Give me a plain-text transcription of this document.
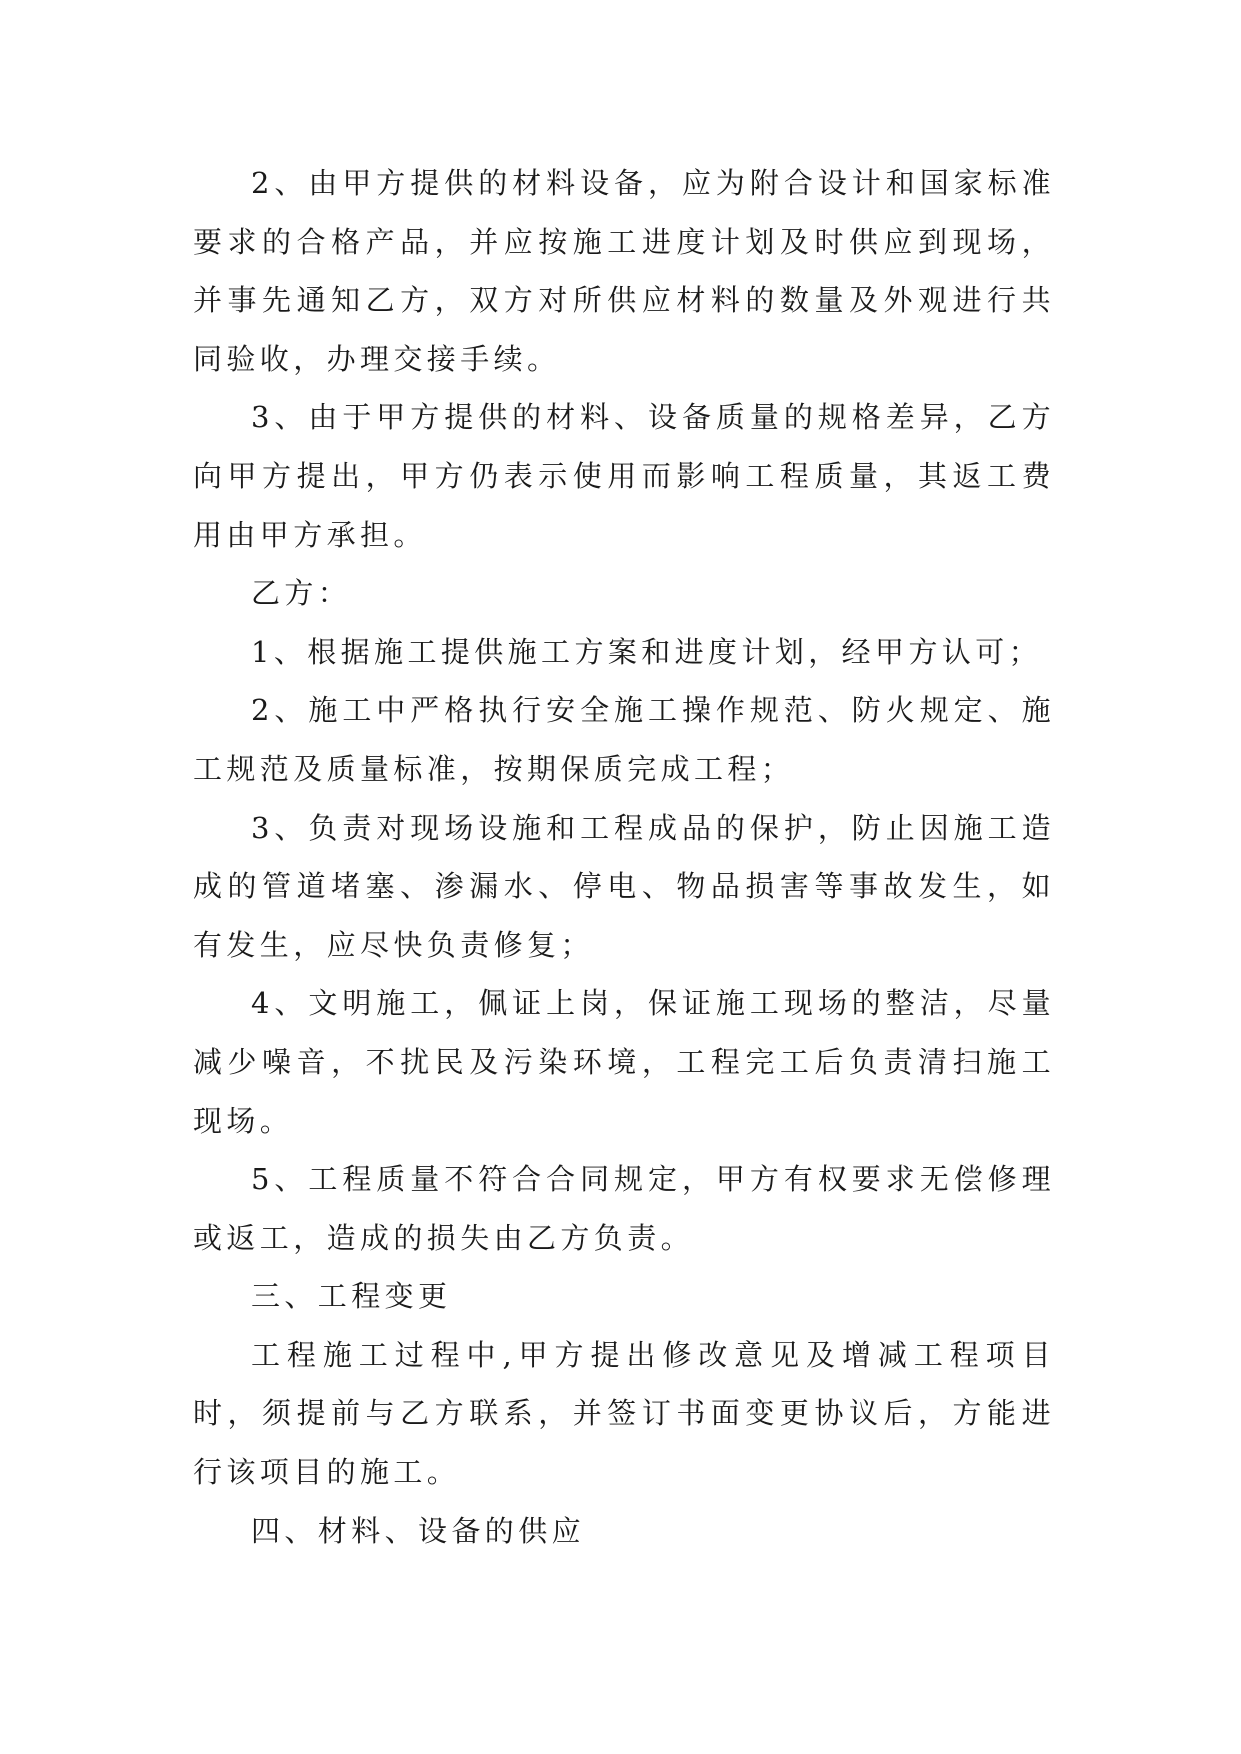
2、由甲方提供的材料设备，应为附合设计和国家标准要求的合格产品，并应按施工进度计划及时供应到现场，并事先通知乙方，双方对所供应材料的数量及外观进行共同验收，办理交接手续。

3、由于甲方提供的材料、设备质量的规格差异，乙方向甲方提出，甲方仍表示使用而影响工程质量，其返工费用由甲方承担。

乙方：

1、根据施工提供施工方案和进度计划，经甲方认可；

2、施工中严格执行安全施工操作规范、防火规定、施工规范及质量标准，按期保质完成工程；

3、负责对现场设施和工程成品的保护，防止因施工造成的管道堵塞、渗漏水、停电、物品损害等事故发生，如有发生，应尽快负责修复；

4、文明施工，佩证上岗，保证施工现场的整洁，尽量减少噪音，不扰民及污染环境，工程完工后负责清扫施工现场。

5、工程质量不符合合同规定，甲方有权要求无偿修理或返工，造成的损失由乙方负责。

三、工程变更

工程施工过程中,甲方提出修改意见及增减工程项目时，须提前与乙方联系，并签订书面变更协议后，方能进行该项目的施工。

四、材料、设备的供应
